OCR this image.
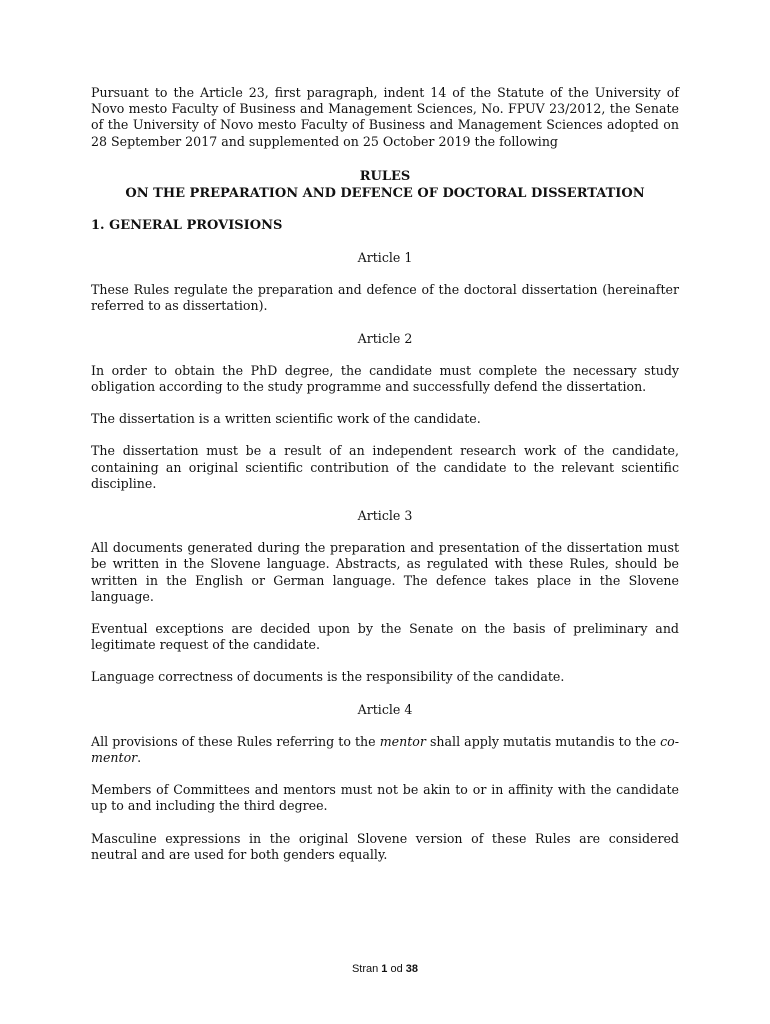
Pursuant to the Article 23, first paragraph, indent 14 of the Statute of the University of Novo mesto Faculty of Business and Management Sciences, No. FPUV 23/2012, the Senate of the University of Novo mesto Faculty of Business and Management Sciences adopted on 28 September 2017 and supplemented on 25 October 2019 the following

RULES
ON THE PREPARATION AND DEFENCE OF DOCTORAL DISSERTATION
1. GENERAL PROVISIONS
Article 1

These Rules regulate the preparation and defence of the doctoral dissertation (hereinafter referred to as dissertation).

Article 2

In order to obtain the PhD degree, the candidate must complete the necessary study obligation according to the study programme and successfully defend the dissertation.

The dissertation is a written scientific work of the candidate.

The dissertation must be a result of an independent research work of the candidate, containing an original scientific contribution of the candidate to the relevant scientific discipline.

Article 3

All documents generated during the preparation and presentation of the dissertation must be written in the Slovene language. Abstracts, as regulated with these Rules, should be written in the English or German language. The defence takes place in the Slovene language.

Eventual exceptions are decided upon by the Senate on the basis of preliminary and legitimate request of the candidate.

Language correctness of documents is the responsibility of the candidate.

Article 4

All provisions of these Rules referring to the mentor shall apply mutatis mutandis to the co-mentor.

Members of Committees and mentors must not be akin to or in affinity with the candidate up to and including the third degree.

Masculine expressions in the original Slovene version of these Rules are considered neutral and are used for both genders equally.

Stran 1 od 38
